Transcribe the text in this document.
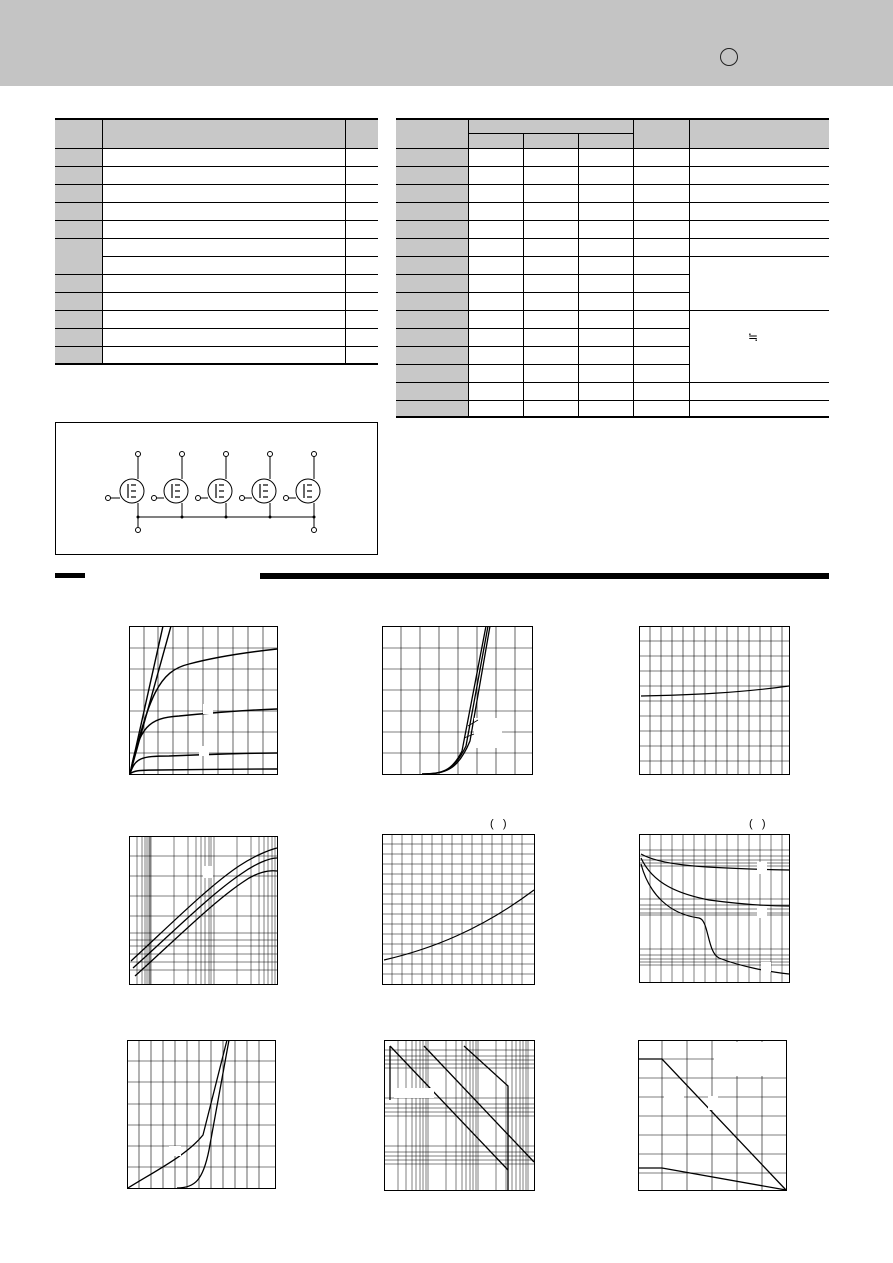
≒
(   )	(   )
